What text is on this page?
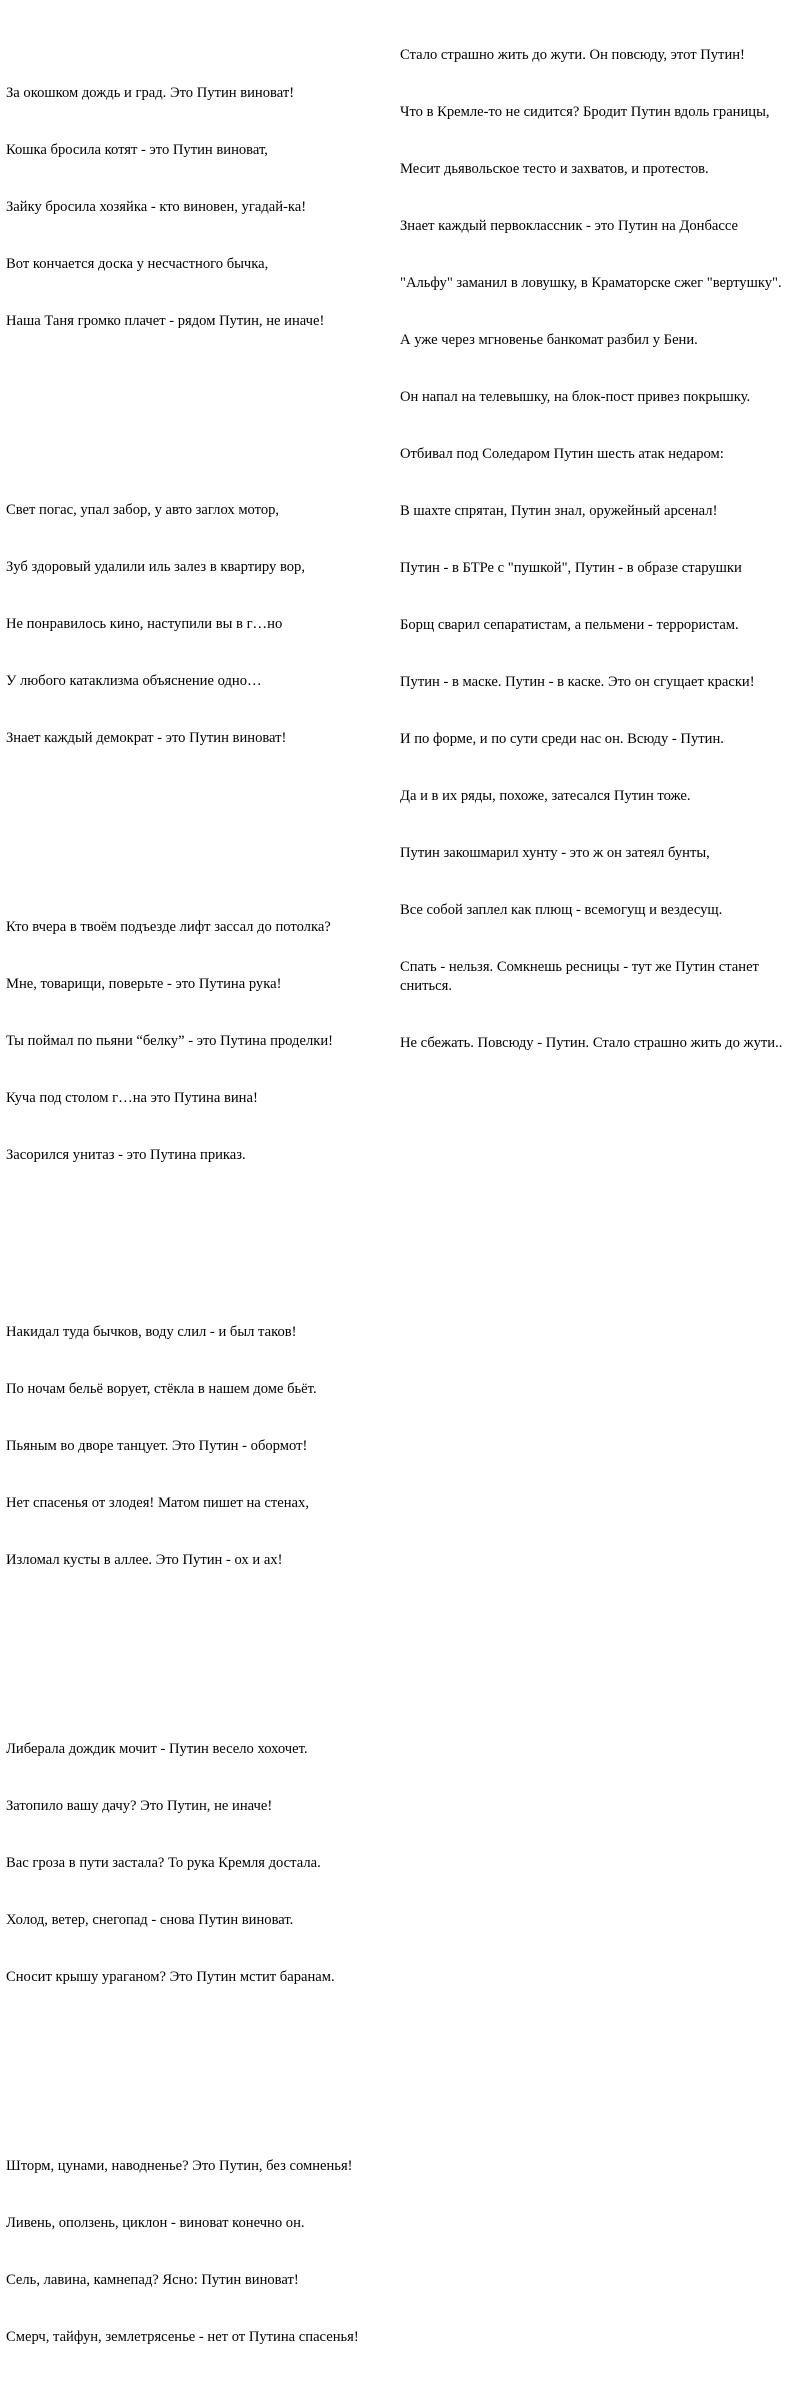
За окошком дождь и град. Это Путин виноват!

Кошка бросила котят - это Путин виноват,

Зайку бросила хозяйка - кто виновен, угадай-ка!

Вот кончается доска у несчастного бычка,

Наша Таня громко плачет - рядом Путин, не иначе!

Свет погас, упал забор, у авто заглох мотор,

Зуб здоровый удалили иль залез в квартиру вор,

Не понравилось кино, наступили вы в г…но

У любого катаклизма объяснение одно…

Знает каждый демократ - это Путин виноват!

Кто вчера в твоём подъезде лифт зассал до потолка?

Мне, товарищи, поверьте - это Путина рука!

Ты поймал по пьяни “белку” - это Путина проделки!

Куча под столом г…на это Путина вина!

Засорился унитаз - это Путина приказ.

Накидал туда бычков, воду слил - и был таков!

По ночам бельё ворует, стёкла в нашем доме бьёт.

Пьяным во дворе танцует. Это Путин - обормот!

Нет спасенья от злодея! Матом пишет на стенах,

Изломал кусты в аллее. Это Путин - ох и ах!

Либерала дождик мочит - Путин весело хохочет.

Затопило вашу дачу? Это Путин, не иначе!

Вас гроза в пути застала? То рука Кремля достала.

Холод, ветер, снегопад - снова Путин виноват.

Сносит крышу ураганом? Это Путин мстит баранам.

Шторм, цунами, наводненье? Это Путин, без сомненья!

Ливень, оползень, циклон - виноват конечно он.

Сель, лавина, камнепад? Ясно: Путин виноват!

Смерч, тайфун, землетрясенье - нет от Путина спасенья!

Стало страшно жить до жути. Он повсюду, этот Путин!

Что в Кремле-то не сидится? Бродит Путин вдоль границы,

Месит дьявольское тесто и захватов, и протестов.

Знает каждый первоклассник - это Путин на Донбассе

"Альфу" заманил в ловушку, в Краматорске сжег "вертушку".

А уже через мгновенье банкомат разбил у Бени.

Он напал на телевышку, на блок-пост привез покрышку.

Отбивал под Соледаром Путин шесть атак недаром:

В шахте спрятан, Путин знал, оружейный арсенал!

Путин - в БТРе с "пушкой", Путин - в образе старушки

Борщ сварил сепаратистам, а пельмени - террористам.

Путин - в маске. Путин - в каске. Это он сгущает краски!

И по форме, и по сути среди нас он. Всюду - Путин.

Да и в их ряды, похоже, затесался Путин тоже.

Путин закошмарил хунту - это ж он затеял бунты,

Все собой заплел как плющ - всемогущ и вездесущ.

Спать - нельзя. Сомкнешь ресницы - тут же Путин станет сниться.

Не сбежать. Повсюду - Путин. Стало страшно жить до жути..
